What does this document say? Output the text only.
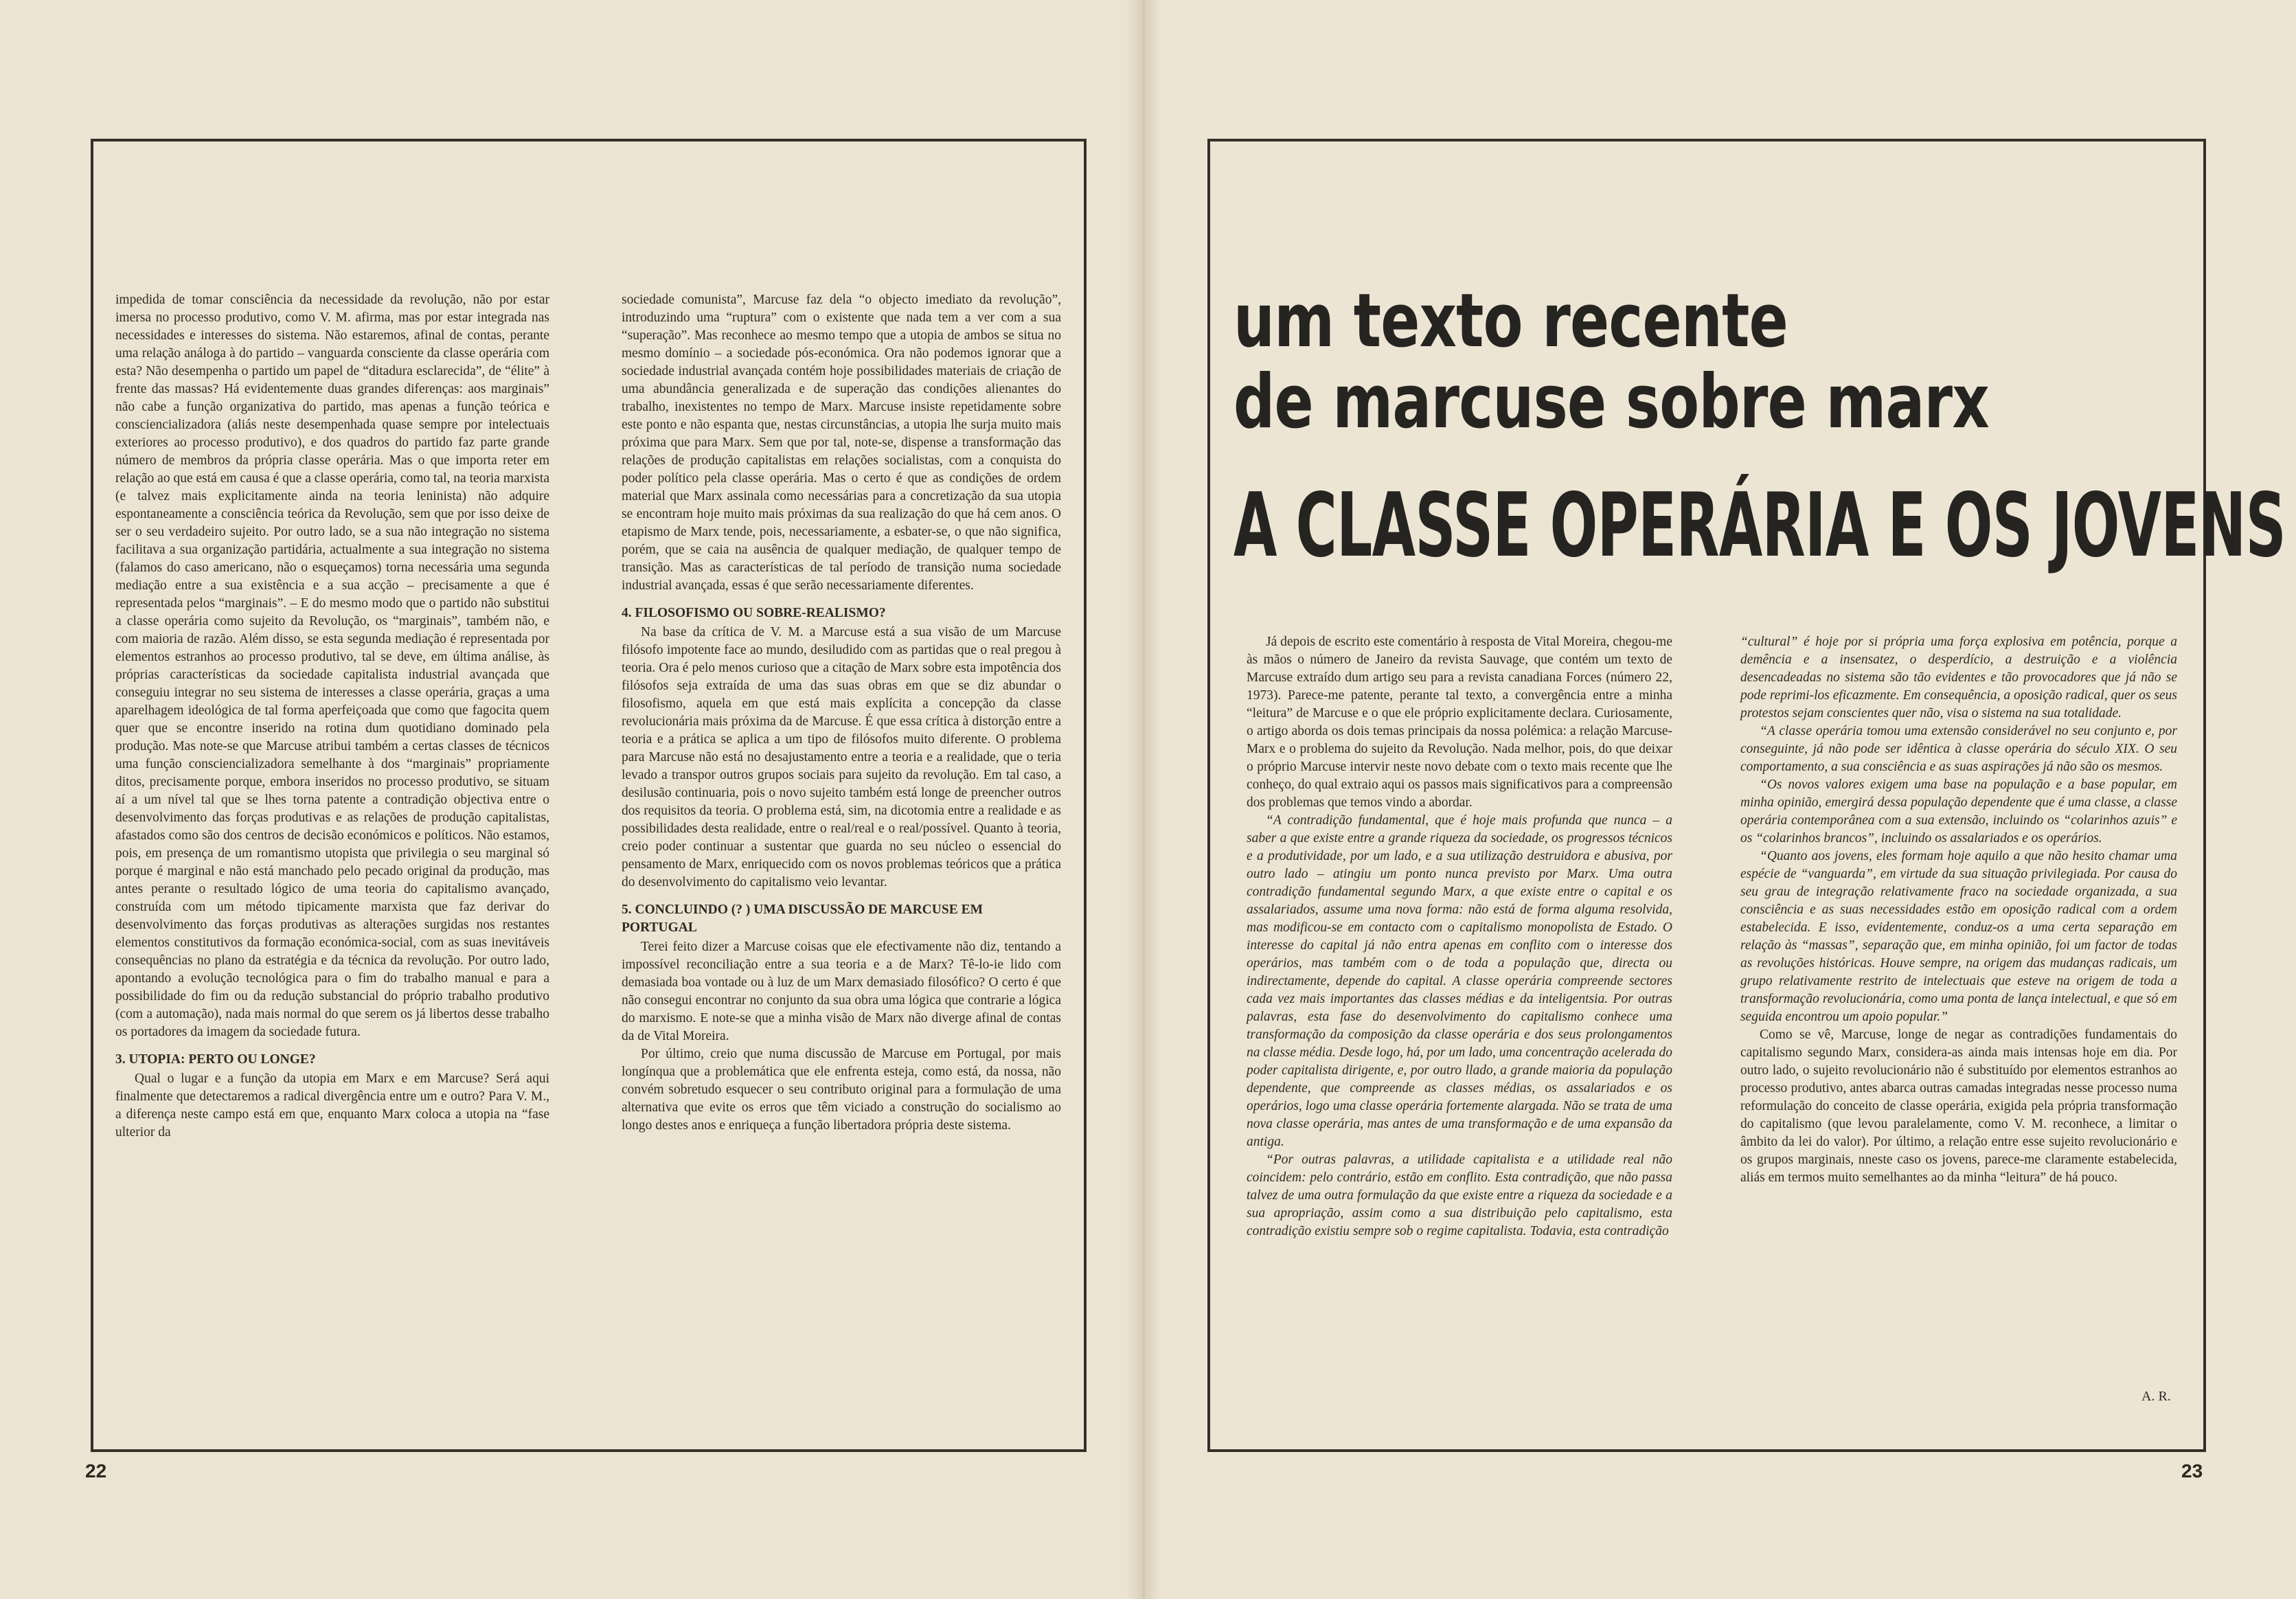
impedida de tomar consciência da necessidade da revolução, não por estar imersa no processo produtivo, como V. M. afirma, mas por estar integrada nas necessidades e interesses do sistema. Não estaremos, afinal de contas, perante uma relação análoga à do partido – vanguarda consciente da classe operária com esta? Não desempenha o partido um papel de “ditadura esclarecida”, de “élite” à frente das massas? Há evidentemente duas grandes diferenças: aos marginais” não cabe a função organizativa do partido, mas apenas a função teórica e consciencializadora (aliás neste desempenhada quase sempre por intelectuais exteriores ao processo produtivo), e dos quadros do partido faz parte grande número de membros da própria classe operária. Mas o que importa reter em relação ao que está em causa é que a classe operária, como tal, na teoria marxista (e talvez mais explicitamente ainda na teoria leninista) não adquire espontaneamente a consciência teórica da Revolução, sem que por isso deixe de ser o seu verdadeiro sujeito. Por outro lado, se a sua não integração no sistema facilitava a sua organização partidária, actualmente a sua integração no sistema (falamos do caso americano, não o esqueçamos) torna necessária uma segunda mediação entre a sua existência e a sua acção – precisamente a que é representada pelos “marginais”. – E do mesmo modo que o partido não substitui a classe operária como sujeito da Revolução, os “marginais”, também não, e com maioria de razão. Além disso, se esta segunda mediação é representada por elementos estranhos ao processo produtivo, tal se deve, em última análise, às próprias características da sociedade capitalista industrial avançada que conseguiu integrar no seu sistema de interesses a classe operária, graças a uma aparelhagem ideológica de tal forma aperfeiçoada que como que fagocita quem quer que se encontre inserido na rotina dum quotidiano dominado pela produção. Mas note-se que Marcuse atribui também a certas classes de técnicos uma função consciencializadora semelhante à dos “marginais” propriamente ditos, precisamente porque, embora inseridos no processo produtivo, se situam aí a um nível tal que se lhes torna patente a contradição objectiva entre o desenvolvimento das forças produtivas e as relações de produção capitalistas, afastados como são dos centros de decisão económicos e políticos. Não estamos, pois, em presença de um romantismo utopista que privilegia o seu marginal só porque é marginal e não está manchado pelo pecado original da produção, mas antes perante o resultado lógico de uma teoria do capitalismo avançado, construída com um método tipicamente marxista que faz derivar do desenvolvimento das forças produtivas as alterações surgidas nos restantes elementos constitutivos da formação económica-social, com as suas inevitáveis consequências no plano da estratégia e da técnica da revolução. Por outro lado, apontando a evolução tecnológica para o fim do trabalho manual e para a possibilidade do fim ou da redução substancial do próprio trabalho produtivo (com a automação), nada mais normal do que serem os já libertos desse trabalho os portadores da imagem da sociedade futura.

3. UTOPIA: PERTO OU LONGE?

Qual o lugar e a função da utopia em Marx e em Marcuse? Será aqui finalmente que detectaremos a radical divergência entre um e outro? Para V. M., a diferença neste campo está em que, enquanto Marx coloca a utopia na “fase ulterior da

sociedade comunista”, Marcuse faz dela “o objecto imediato da revolução”, introduzindo uma “ruptura” com o existente que nada tem a ver com a sua “superação”. Mas reconhece ao mesmo tempo que a utopia de ambos se situa no mesmo domínio – a sociedade pós-económica. Ora não podemos ignorar que a sociedade industrial avançada contém hoje possibilidades materiais de criação de uma abundância generalizada e de superação das condições alienantes do trabalho, inexistentes no tempo de Marx. Marcuse insiste repetidamente sobre este ponto e não espanta que, nestas circunstâncias, a utopia lhe surja muito mais próxima que para Marx. Sem que por tal, note-se, dispense a transformação das relações de produção capitalistas em relações socialistas, com a conquista do poder político pela classe operária. Mas o certo é que as condições de ordem material que Marx assinala como necessárias para a concretização da sua utopia se encontram hoje muito mais próximas da sua realização do que há cem anos. O etapismo de Marx tende, pois, necessariamente, a esbater-se, o que não significa, porém, que se caia na ausência de qualquer mediação, de qualquer tempo de transição. Mas as características de tal período de transição numa sociedade industrial avançada, essas é que serão necessariamente diferentes.

4. FILOSOFISMO OU SOBRE-REALISMO?

Na base da crítica de V. M. a Marcuse está a sua visão de um Marcuse filósofo impotente face ao mundo, desiludido com as partidas que o real pregou à teoria. Ora é pelo menos curioso que a citação de Marx sobre esta impotência dos filósofos seja extraída de uma das suas obras em que se diz abundar o filosofismo, aquela em que está mais explícita a concepção da classe revolucionária mais próxima da de Marcuse. É que essa crítica à distorção entre a teoria e a prática se aplica a um tipo de filósofos muito diferente. O problema para Marcuse não está no desajustamento entre a teoria e a realidade, que o teria levado a transpor outros grupos sociais para sujeito da revolução. Em tal caso, a desilusão continuaria, pois o novo sujeito também está longe de preencher outros dos requisitos da teoria. O problema está, sim, na dicotomia entre a realidade e as possibilidades desta realidade, entre o real/real e o real/possível. Quanto à teoria, creio poder continuar a sustentar que guarda no seu núcleo o essencial do pensamento de Marx, enriquecido com os novos problemas teóricos que a prática do desenvolvimento do capitalismo veio levantar.

5. CONCLUINDO (? ) UMA DISCUSSÃO DE MARCUSE EM PORTUGAL

Terei feito dizer a Marcuse coisas que ele efectivamente não diz, tentando a impossível reconciliação entre a sua teoria e a de Marx? Tê-lo-ie lido com demasiada boa vontade ou à luz de um Marx demasiado filosófico? O certo é que não consegui encontrar no conjunto da sua obra uma lógica que contrarie a lógica do marxismo. E note-se que a minha visão de Marx não diverge afinal de contas da de Vital Moreira.

Por último, creio que numa discussão de Marcuse em Portugal, por mais longínqua que a problemática que ele enfrenta esteja, como está, da nossa, não convém sobretudo esquecer o seu contributo original para a formulação de uma alternativa que evite os erros que têm viciado a construção do socialismo ao longo destes anos e enriqueça a função libertadora própria deste sistema.

um texto recente
de marcuse sobre marx
A CLASSE OPERÁRIA E OS JOVENS

Já depois de escrito este comentário à resposta de Vital Moreira, chegou-me às mãos o número de Janeiro da revista Sauvage, que contém um texto de Marcuse extraído dum artigo seu para a revista canadiana Forces (número 22, 1973). Parece-me patente, perante tal texto, a convergência entre a minha “leitura” de Marcuse e o que ele próprio explicitamente declara. Curiosamente, o artigo aborda os dois temas principais da nossa polémica: a relação Marcuse-Marx e o problema do sujeito da Revolução. Nada melhor, pois, do que deixar o próprio Marcuse intervir neste novo debate com o texto mais recente que lhe conheço, do qual extraio aqui os passos mais significativos para a compreensão dos problemas que temos vindo a abordar.

“A contradição fundamental, que é hoje mais profunda que nunca – a saber a que existe entre a grande riqueza da sociedade, os progressos técnicos e a produtividade, por um lado, e a sua utilização destruidora e abusiva, por outro lado – atingiu um ponto nunca previsto por Marx. Uma outra contradição fundamental segundo Marx, a que existe entre o capital e os assalariados, assume uma nova forma: não está de forma alguma resolvida, mas modificou-se em contacto com o capitalismo monopolista de Estado. O interesse do capital já não entra apenas em conflito com o interesse dos operários, mas também com o de toda a população que, directa ou indirectamente, depende do capital. A classe operária compreende sectores cada vez mais importantes das classes médias e da inteligentsia. Por outras palavras, esta fase do desenvolvimento do capitalismo conhece uma transformação da composição da classe operária e dos seus prolongamentos na classe média. Desde logo, há, por um lado, uma concentração acelerada do poder capitalista dirigente, e, por outro llado, a grande maioria da população dependente, que compreende as classes médias, os assalariados e os operários, logo uma classe operária fortemente alargada. Não se trata de uma nova classe operária, mas antes de uma transformação e de uma expansão da antiga.

“Por outras palavras, a utilidade capitalista e a utilidade real não coincidem: pelo contrário, estão em conflito. Esta contradição, que não passa talvez de uma outra formulação da que existe entre a riqueza da sociedade e a sua apropriação, assim como a sua distribuição pelo capitalismo, esta contradição existiu sempre sob o regime capitalista. Todavia, esta contradição

“cultural” é hoje por si própria uma força explosiva em potência, porque a demência e a insensatez, o desperdício, a destruição e a violência desencadeadas no sistema são tão evidentes e tão provocadores que já não se pode reprimi-los eficazmente. Em consequência, a oposição radical, quer os seus protestos sejam conscientes quer não, visa o sistema na sua totalidade.

“A classe operária tomou uma extensão considerável no seu conjunto e, por conseguinte, já não pode ser idêntica à classe operária do século XIX. O seu comportamento, a sua consciência e as suas aspirações já não são os mesmos.

“Os novos valores exigem uma base na população e a base popular, em minha opinião, emergirá dessa população dependente que é uma classe, a classe operária contemporânea com a sua extensão, incluindo os “colarinhos azuis” e os “colarinhos brancos”, incluindo os assalariados e os operários.

“Quanto aos jovens, eles formam hoje aquilo a que não hesito chamar uma espécie de “vanguarda”, em virtude da sua situação privilegiada. Por causa do seu grau de integração relativamente fraco na sociedade organizada, a sua consciência e as suas necessidades estão em oposição radical com a ordem estabelecida. E isso, evidentemente, conduz-os a uma certa separação em relação às “massas”, separação que, em minha opinião, foi um factor de todas as revoluções históricas. Houve sempre, na origem das mudanças radicais, um grupo relativamente restrito de intelectuais que esteve na origem de toda a transformação revolucionária, como uma ponta de lança intelectual, e que só em seguida encontrou um apoio popular.”

Como se vê, Marcuse, longe de negar as contradições fundamentais do capitalismo segundo Marx, considera-as ainda mais intensas hoje em dia. Por outro lado, o sujeito revolucionário não é substituído por elementos estranhos ao processo produtivo, antes abarca outras camadas integradas nesse processo numa reformulação do conceito de classe operária, exigida pela própria transformação do capitalismo (que levou paralelamente, como V. M. reconhece, a limitar o âmbito da lei do valor). Por último, a relação entre esse sujeito revolucionário e os grupos marginais, nneste caso os jovens, parece-me claramente estabelecida, aliás em termos muito semelhantes ao da minha “leitura” de há pouco.

A. R.
22	23
